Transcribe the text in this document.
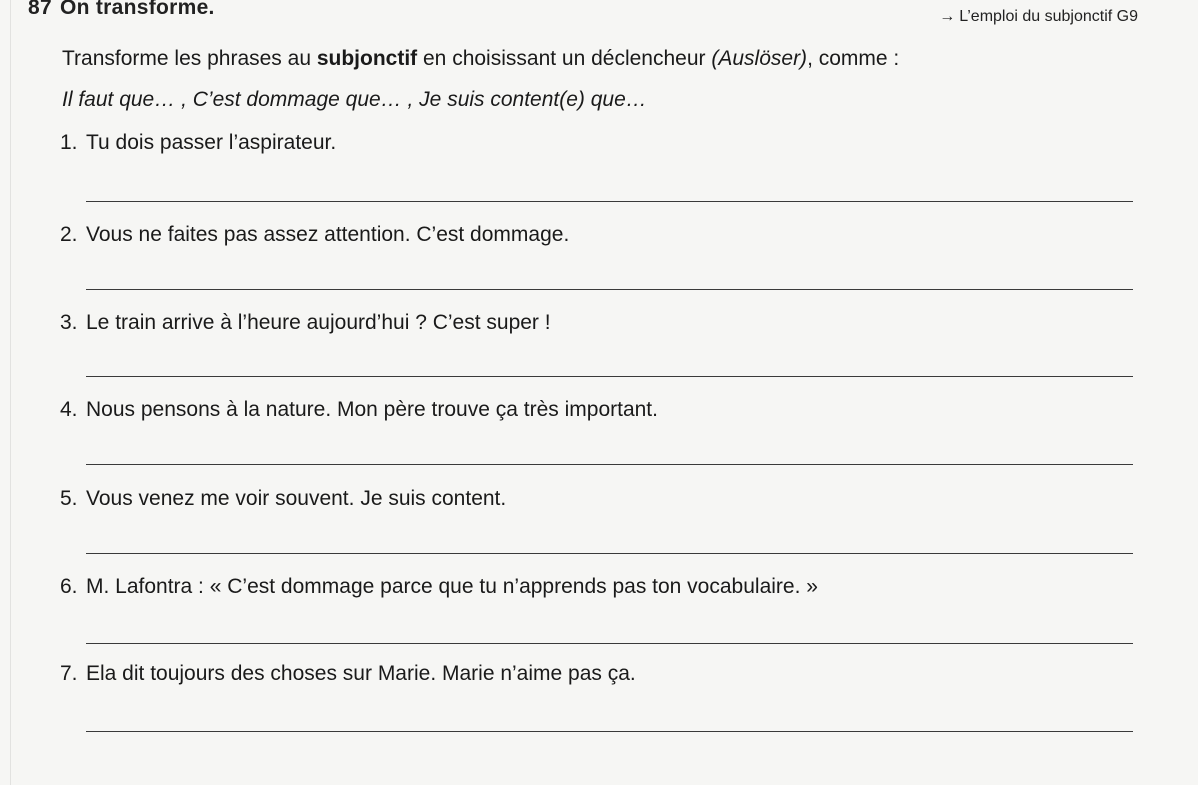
87 On transforme.	→ L’emploi du subjonctif G9
Transforme les phrases au subjonctif en choisissant un déclencheur (Auslöser), comme :
Il faut que… , C’est dommage que… , Je suis content(e) que…
1. Tu dois passer l’aspirateur.
2. Vous ne faites pas assez attention. C’est dommage.
3. Le train arrive à l’heure aujourd’hui ? C’est super !
4. Nous pensons à la nature. Mon père trouve ça très important.
5. Vous venez me voir souvent. Je suis content.
6. M. Lafontra : « C’est dommage parce que tu n’apprends pas ton vocabulaire. »
7. Ela dit toujours des choses sur Marie. Marie n’aime pas ça.
